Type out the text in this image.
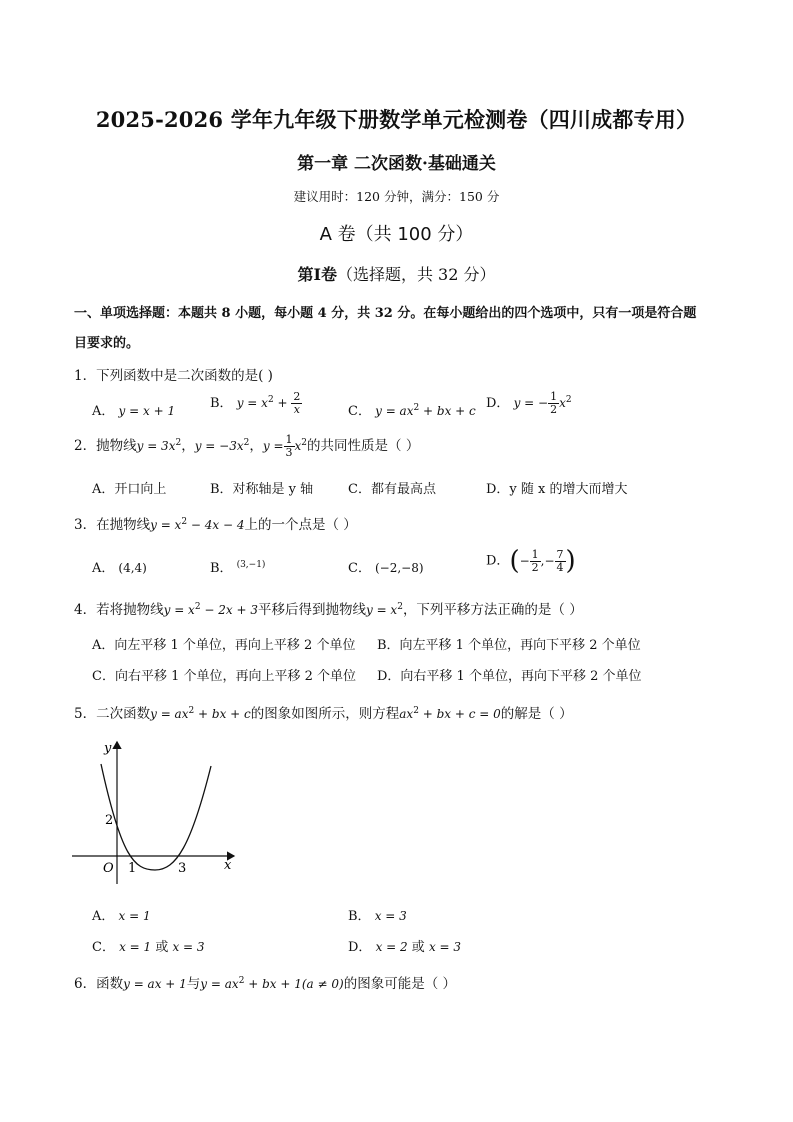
2025-2026 学年九年级下册数学单元检测卷（四川成都专用）
第一章 二次函数·基础通关
建议用时：120 分钟，满分：150 分
A 卷（共 100 分）
第Ⅰ卷（选择题，共 32 分）
一、单项选择题：本题共 8 小题，每小题 4 分，共 32 分。在每小题给出的四个选项中，只有一项是符合题
目要求的。
1．下列函数中是二次函数的是( )
A． y = x + 1	B． $y = x^2 + \frac{2}{x}$	C． $y = ax^2$ + bx + c D． y = − $\frac{1}{2} x^2$
2．抛物线$y = 3x^2$，$y = -3x^2$，$y = \frac{1}{3} x^2$的共同性质是（ ）
A．开口向上	B．对称轴是 y 轴	C．都有最高点	D．y 随 x 的增大而增大
3．在抛物线$y = x^2 - 4x - 4$上的一个点是（ ）
A． (4,4)	B． $^{(3,-1)}$	C． (−2,−8)	D．(− $\frac{1}{2}$ ,− $\frac{7}{4}$ )
4．若将抛物线$y = x^2 - 2x + 3$平移后得到抛物线$y = x^2$，下列平移方法正确的是（ ）
A．向左平移 1 个单位，再向上平移 2 个单位 B．向左平移 1 个单位，再向下平移 2 个单位
C．向右平移 1 个单位，再向上平移 2 个单位 D．向右平移 1 个单位，再向下平移 2 个单位
5．二次函数$y = ax^2$ + bx + c的图象如图所示，则方程$ax^2$ + bx + c = 0的解是（ ）
y
x
O
2
1	3
A． x = 1	B． x = 3
C． x = 1 或 x = 3	D． x = 2 或 x = 3
6．函数y = ax + 1与$y = ax^2$ + bx + 1(a ≠ 0)的图象可能是（ ）
